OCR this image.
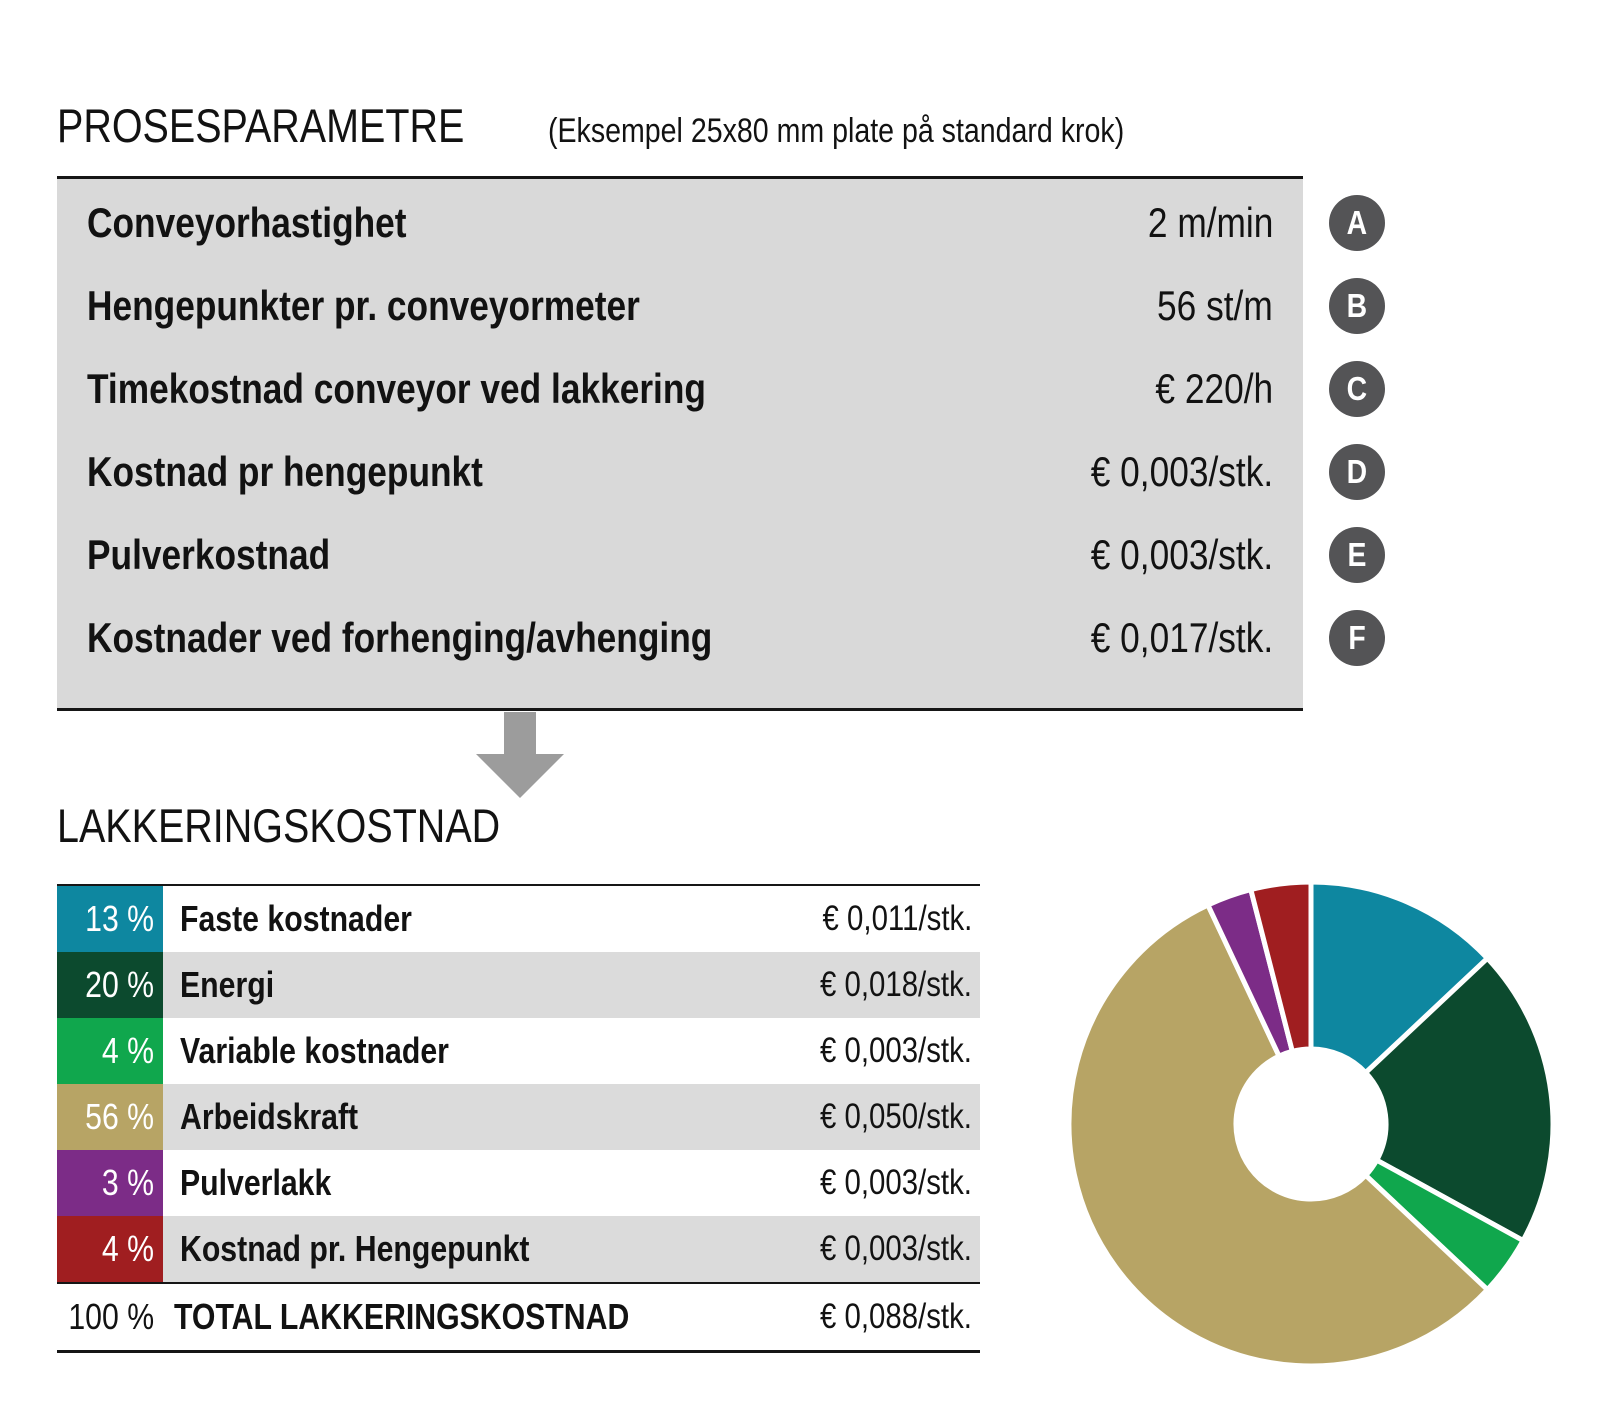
PROSESPARAMETRE	(Eksempel 25x80 mm plate på standard krok)
Conveyorhastighet	2 m/min A
Hengepunkter pr. conveyormeter	56 st/m B
Timekostnad conveyor ved lakkering	€ 220/h C
Kostnad pr hengepunkt	€ 0,003/stk. D
Pulverkostnad	€ 0,003/stk. E
Kostnader ved forhenging/avhenging	€ 0,017/stk. F
LAKKERINGSKOSTNAD
13 % Faste kostnader	€ 0,011/stk.
20 % Energi	€ 0,018/stk.
4 % Variable kostnader	€ 0,003/stk.
56 % Arbeidskraft	€ 0,050/stk.
3 % Pulverlakk	€ 0,003/stk.
4 % Kostnad pr. Hengepunkt	€ 0,003/stk.
100 % TOTAL LAKKERINGSKOSTNAD	€ 0,088/stk.
